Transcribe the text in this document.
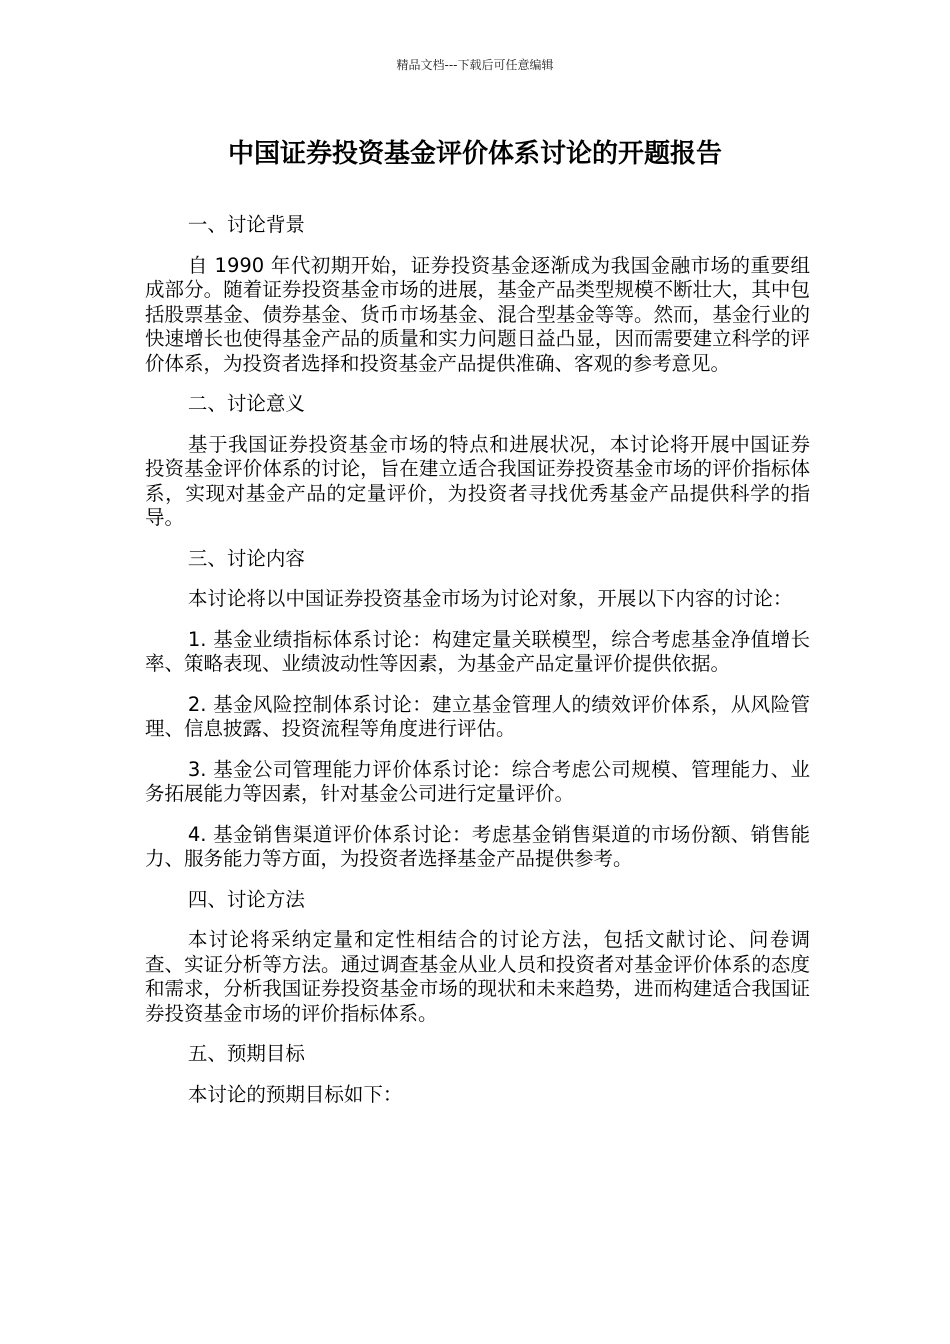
精品文档---下载后可任意编辑
中国证券投资基金评价体系讨论的开题报告

一、讨论背景

自 1990 年代初期开始，证券投资基金逐渐成为我国金融市场的重要组成部分。随着证券投资基金市场的进展，基金产品类型规模不断壮大，其中包括股票基金、债券基金、货币市场基金、混合型基金等等。然而，基金行业的快速增长也使得基金产品的质量和实力问题日益凸显，因而需要建立科学的评价体系，为投资者选择和投资基金产品提供准确、客观的参考意见。

二、讨论意义

基于我国证券投资基金市场的特点和进展状况，本讨论将开展中国证券投资基金评价体系的讨论，旨在建立适合我国证券投资基金市场的评价指标体系，实现对基金产品的定量评价，为投资者寻找优秀基金产品提供科学的指导。

三、讨论内容

本讨论将以中国证券投资基金市场为讨论对象，开展以下内容的讨论：

1. 基金业绩指标体系讨论：构建定量关联模型，综合考虑基金净值增长率、策略表现、业绩波动性等因素，为基金产品定量评价提供依据。

2. 基金风险控制体系讨论：建立基金管理人的绩效评价体系，从风险管理、信息披露、投资流程等角度进行评估。

3. 基金公司管理能力评价体系讨论：综合考虑公司规模、管理能力、业务拓展能力等因素，针对基金公司进行定量评价。

4. 基金销售渠道评价体系讨论：考虑基金销售渠道的市场份额、销售能力、服务能力等方面，为投资者选择基金产品提供参考。

四、讨论方法

本讨论将采纳定量和定性相结合的讨论方法，包括文献讨论、问卷调查、实证分析等方法。通过调查基金从业人员和投资者对基金评价体系的态度和需求，分析我国证券投资基金市场的现状和未来趋势，进而构建适合我国证券投资基金市场的评价指标体系。

五、预期目标

本讨论的预期目标如下：
